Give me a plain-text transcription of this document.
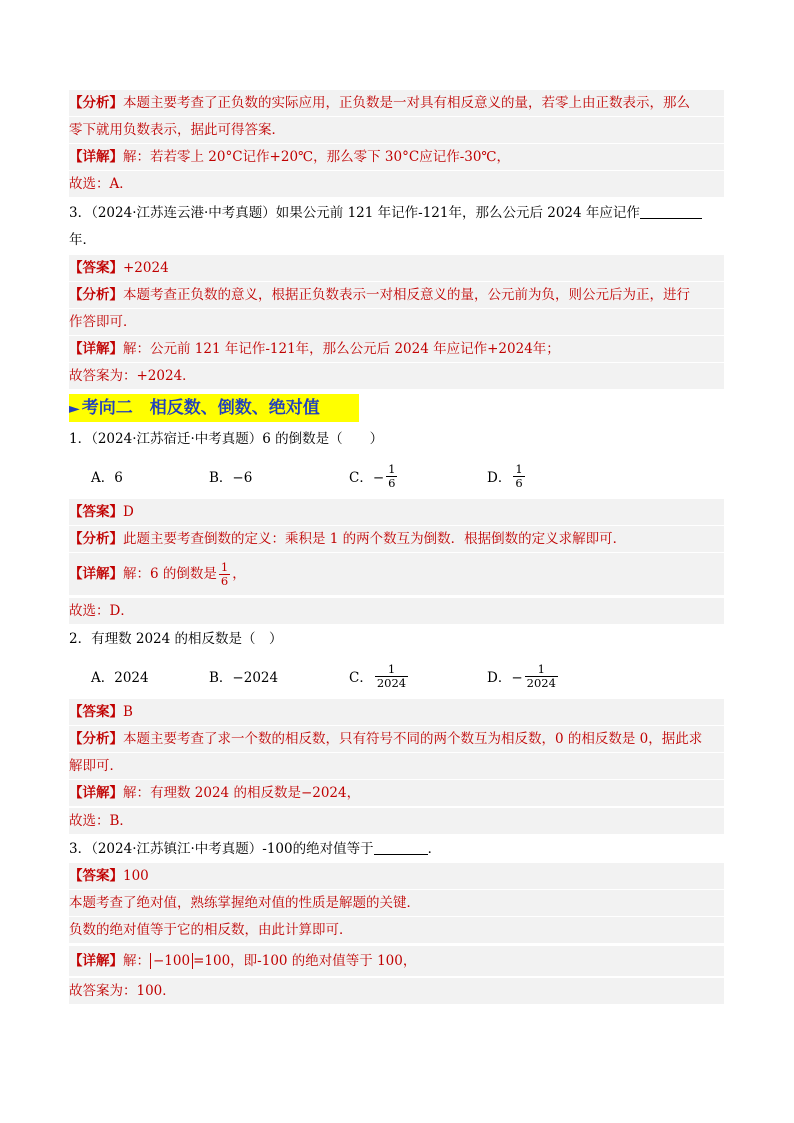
【分析】本题主要考查了正负数的实际应用，正负数是一对具有相反意义的量，若零上由正数表示，那么
零下就用负数表示，据此可得答案．
【详解】解：若若零上 20°C记作+20℃，那么零下 30°C应记作-30℃，
故选：A．
3．（2024·江苏连云港·中考真题）如果公元前 121 年记作-121年，那么公元后 2024 年应记作
年．
【答案】+2024
【分析】本题考查正负数的意义，根据正负数表示一对相反意义的量，公元前为负，则公元后为正，进行
作答即可．
【详解】解：公元前 121 年记作-121年，那么公元后 2024 年应记作+2024年；
故答案为：+2024．
► 考向二　相反数、倒数、绝对值
1．（2024·江苏宿迁·中考真题）6 的倒数是（　　）
A．6	B．−6	C．− $\frac{1}{6}$	D． $\frac{1}{6}$
【答案】D
【分析】此题主要考查倒数的定义：乘积是 1 的两个数互为倒数．根据倒数的定义求解即可．
【详解】解：6 的倒数是 $\frac{1}{6}$ ，
故选：D．
2．有理数 2024 的相反数是（　）
A．2024	B．−2024	C． $\frac{1}{2024}$	D．− $\frac{1}{2024}$
【答案】B
【分析】本题主要考查了求一个数的相反数，只有符号不同的两个数互为相反数，0 的相反数是 0，据此求
解即可．
【详解】解：有理数 2024 的相反数是−2024，
故选：B．
3．（2024·江苏镇江·中考真题）-100的绝对值等于	．
【答案】100
本题考查了绝对值，熟练掌握绝对值的性质是解题的关键．
负数的绝对值等于它的相反数，由此计算即可．
【详解】解： −100 =100，即-100 的绝对值等于 100，
故答案为：100．
